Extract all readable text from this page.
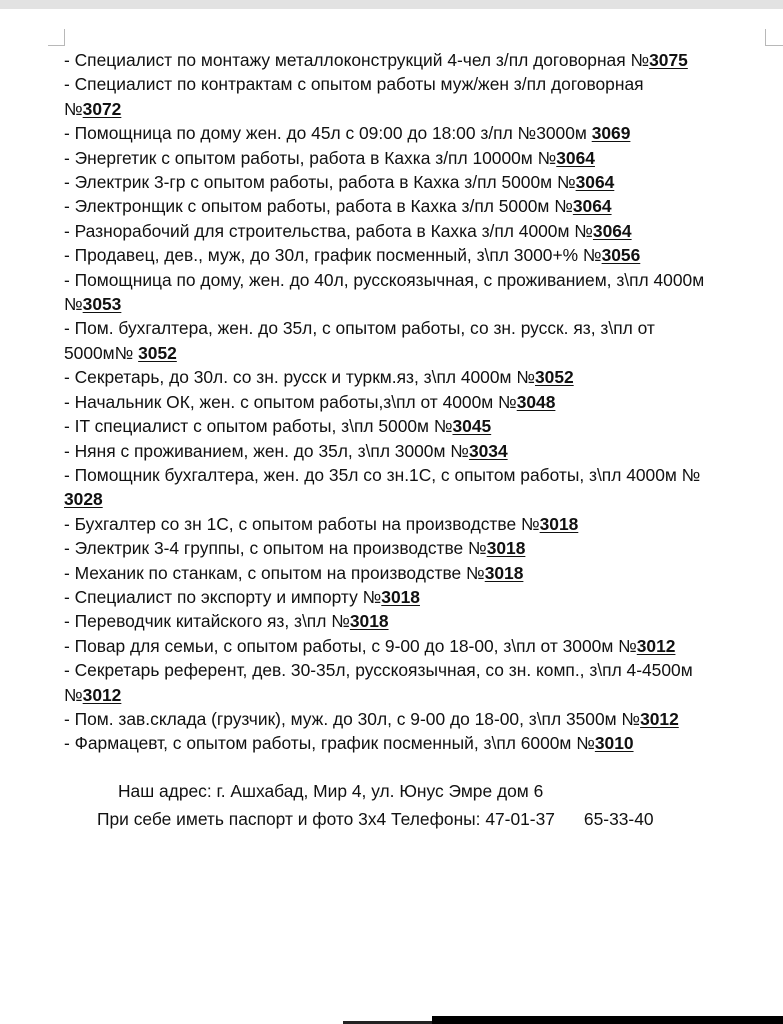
- Специалист по монтажу металлоконструкций 4-чел з/пл договорная №3075
- Специалист по контрактам с опытом работы муж/жен з/пл договорная
№3072
- Помощница по дому жен. до 45л с 09:00 до 18:00 з/пл №3000м 3069
- Энергетик с опытом работы, работа в Кахка з/пл 10000м №3064
- Электрик 3-гр с опытом работы, работа в Кахка з/пл 5000м №3064
- Электронщик с опытом работы, работа в Кахка з/пл 5000м №3064
- Разнорабочий для строительства, работа в Кахка з/пл 4000м №3064
- Продавец, дев., муж, до 30л, график посменный, з\пл 3000+% №3056
- Помощница по дому, жен. до 40л, русскоязычная, с проживанием, з\пл 4000м
№3053
- Пом. бухгалтера, жен. до 35л, с опытом работы, со зн. русск. яз, з\пл от
5000м№ 3052
- Секретарь, до 30л. со зн. русск и туркм.яз, з\пл 4000м №3052
- Начальник ОК, жен. с опытом работы,з\пл от 4000м №3048
- IT специалист с опытом работы, з\пл 5000м №3045
- Няня с проживанием, жен. до 35л, з\пл 3000м №3034
- Помощник бухгалтера, жен. до 35л со зн.1С, с опытом работы, з\пл 4000м №
3028
- Бухгалтер со зн 1С, с опытом работы на производстве №3018
- Электрик 3-4 группы, с опытом на производстве №3018
- Механик по станкам, с опытом на производстве №3018
- Специалист по экспорту и импорту №3018
- Переводчик китайского яз, з\пл №3018
- Повар для семьи, с опытом работы, с 9-00 до 18-00, з\пл от 3000м №3012
- Секретарь референт, дев. 30-35л, русскоязычная, со зн. комп., з\пл 4-4500м
№3012
- Пом. зав.склада (грузчик), муж. до 30л, с 9-00 до 18-00, з\пл 3500м №3012
- Фармацевт, с опытом работы, график посменный, з\пл 6000м №3010
Наш адрес: г. Ашхабад, Мир 4, ул. Юнус Эмре дом 6
При себе иметь паспорт и фото 3х4 Телефоны: 47-01-37      65-33-40
